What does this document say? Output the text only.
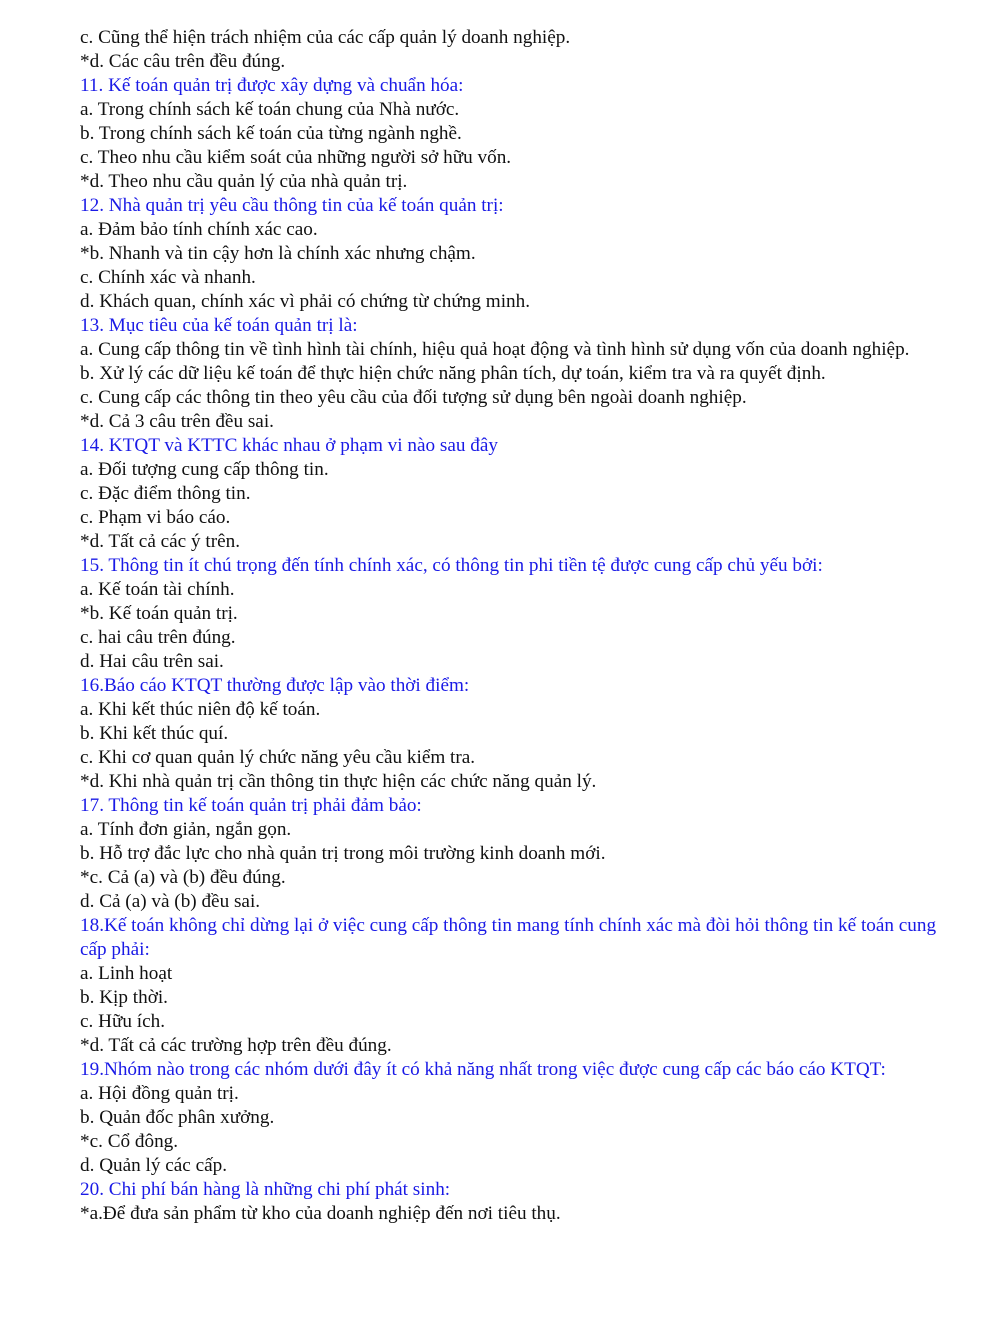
c. Cũng thể hiện trách nhiệm của các cấp quản lý doanh nghiệp.

*d. Các câu trên đều đúng.

11. Kế toán quản trị được xây dựng và chuẩn hóa:

a. Trong chính sách kế toán chung của Nhà nước.

b. Trong chính sách kế toán của từng ngành nghề.

c. Theo nhu cầu kiểm soát của những người sở hữu vốn.

*d. Theo nhu cầu quản lý của nhà quản trị.

12. Nhà quản trị yêu cầu thông tin của kế toán quản trị:

a. Đảm bảo tính chính xác cao.

*b. Nhanh và tin cậy hơn là chính xác nhưng chậm.

c. Chính xác và nhanh.

d. Khách quan, chính xác vì phải có chứng từ chứng minh.

13. Mục tiêu của kế toán quản trị là:

a. Cung cấp thông tin về tình hình tài chính, hiệu quả hoạt động và tình hình sử dụng vốn của doanh nghiệp.

b. Xử lý các dữ liệu kế toán để thực hiện chức năng phân tích, dự toán, kiểm tra và ra quyết định.

c. Cung cấp các thông tin theo yêu cầu của đối tượng sử dụng bên ngoài doanh nghiệp.

*d. Cả 3 câu trên đều sai.

14. KTQT và KTTC khác nhau ở phạm vi nào sau đây

a. Đối tượng cung cấp thông tin.

c. Đặc điểm thông tin.

c. Phạm vi báo cáo.

*d. Tất cả các ý trên.

15. Thông tin ít chú trọng đến tính chính xác, có thông tin phi tiền tệ được cung cấp chủ yếu bởi:

a. Kế toán tài chính.

*b. Kế toán quản trị.

c. hai câu trên đúng.

d. Hai câu trên sai.

16.Báo cáo KTQT thường được lập vào thời điểm:

a. Khi kết thúc niên độ kế toán.

b. Khi kết thúc quí.

c. Khi cơ quan quản lý chức năng yêu cầu kiểm tra.

*d. Khi nhà quản trị cần thông tin thực hiện các chức năng quản lý.

17. Thông tin kế toán quản trị phải đảm bảo:

a. Tính đơn giản, ngắn gọn.

b. Hỗ trợ đắc lực cho nhà quản trị trong môi trường kinh doanh mới.

*c. Cả (a) và (b) đều đúng.

d. Cả (a) và (b) đều sai.

18.Kế toán không chỉ dừng lại ở việc cung cấp thông tin mang tính chính xác mà đòi hỏi thông tin kế toán cung cấp phải:

a. Linh hoạt

b. Kịp thời.

c. Hữu ích.

*d. Tất cả các trường hợp trên đều đúng.

19.Nhóm nào trong các nhóm dưới đây ít có khả năng nhất trong việc được cung cấp các báo cáo KTQT:

a. Hội đồng quản trị.

b. Quản đốc phân xưởng.

*c. Cổ đông.

d. Quản lý các cấp.

20. Chi phí bán hàng là những chi phí phát sinh:

*a.Để đưa sản phẩm từ kho của doanh nghiệp đến nơi tiêu thụ.
